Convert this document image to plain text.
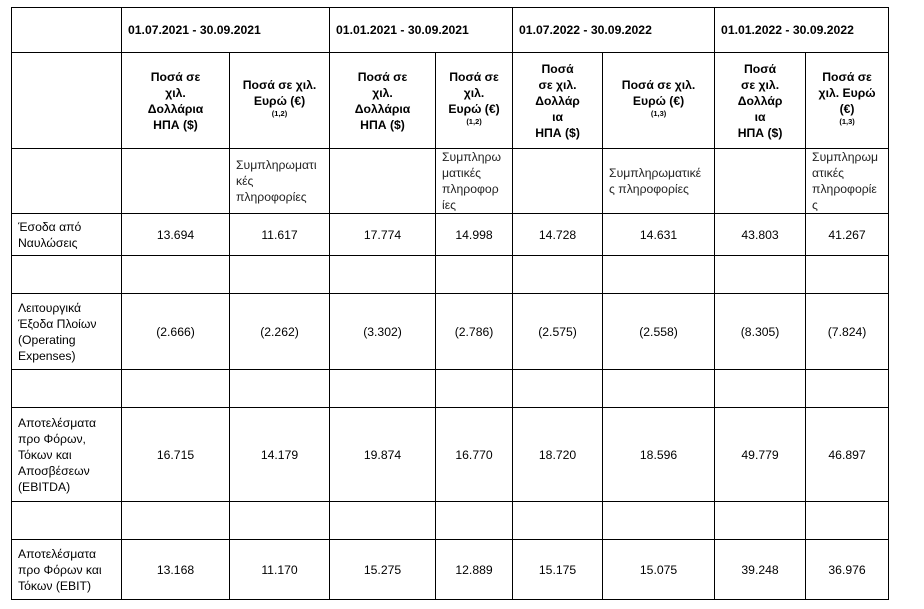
	01.07.2021 - 30.09.2021		01.01.2021 - 30.09.2021		01.07.2022 - 30.09.2022		01.01.2022 - 30.09.2022	

	Ποσά σε
χιλ.
Δολλάρια
ΗΠΑ ($)	Ποσά σε χιλ.
Ευρώ (€)
$^{(1,2)}$	Ποσά σε
χιλ.
Δολλάρια
ΗΠΑ ($)	Ποσά σε
χιλ.
Ευρώ (€)
$^{(1,2)}$	Ποσά
σε χιλ.
Δολλάρ
ια
ΗΠΑ ($)	Ποσά σε χιλ.
Ευρώ (€)
$^{(1,3)}$	Ποσά
σε χιλ.
Δολλάρ
ια
ΗΠΑ ($)	Ποσά σε
χιλ. Ευρώ
(€)
$^{(1,3)}$

		Συμπληρωματι
κές
πληροφορίες		Συμπληρω
ματικές
πληροφορ
ίες		Συμπληρωματικέ
ς πληροφορίες		Συμπληρωμ
ατικές
πληροφορίε
ς

Έσοδα από
Ναυλώσεις	13.694	11.617	17.774	14.998	14.728	14.631	43.803	41.267

Λειτουργικά
Έξοδα Πλοίων
(Operating
Expenses)	(2.666)	(2.262)	(3.302)	(2.786)	(2.575)	(2.558)	(8.305)	(7.824)

Αποτελέσματα
προ Φόρων,
Τόκων και
Αποσβέσεων
(EBITDA)	16.715	14.179	19.874	16.770	18.720	18.596	49.779	46.897

Αποτελέσματα
προ Φόρων και
Τόκων (EBIT)	13.168	11.170	15.275	12.889	15.175	15.075	39.248	36.976
